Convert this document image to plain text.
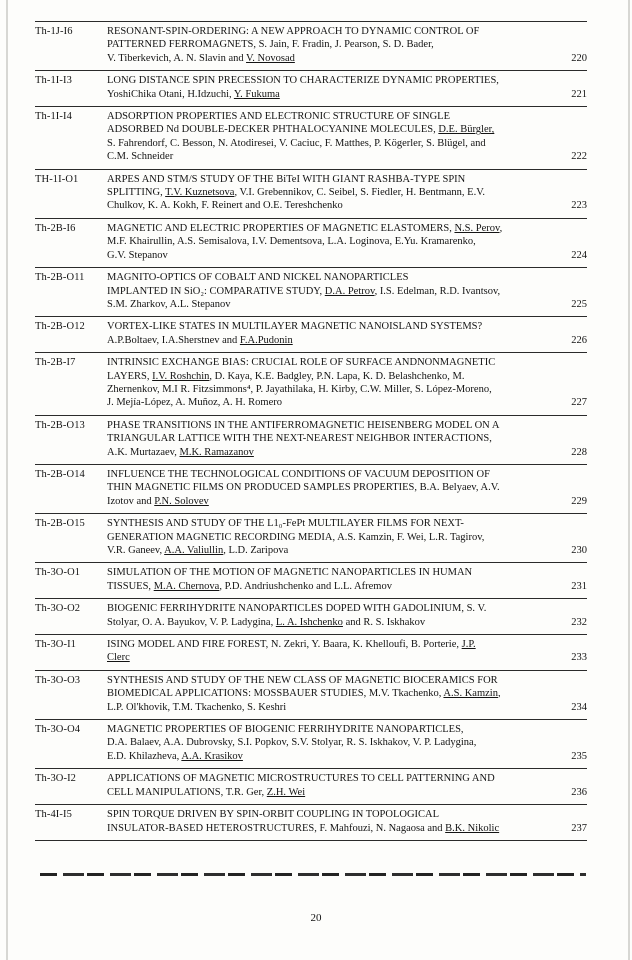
Th-1J-I6	RESONANT-SPIN-ORDERING: A NEW APPROACH TO DYNAMIC CONTROL OF
PATTERNED FERROMAGNETS, S. Jain, F. Fradin, J. Pearson, S. D. Bader,
V. Tiberkevich, A. N. Slavin and V. Novosad	220
Th-1I-I3	LONG DISTANCE SPIN PRECESSION TO CHARACTERIZE DYNAMIC PROPERTIES,
YoshiChika Otani, H.Idzuchi, Y. Fukuma	221
Th-1I-I4	ADSORPTION PROPERTIES AND ELECTRONIC STRUCTURE OF SINGLE
ADSORBED Nd DOUBLE-DECKER PHTHALOCYANINE MOLECULES, D.E. Bürgler,
S. Fahrendorf, C. Besson, N. Atodiresei, V. Caciuc, F. Matthes, P. Kögerler, S. Blügel, and
C.M. Schneider	222
TH-1I-O1	ARPES AND STM/S STUDY OF THE BiTeI WITH GIANT RASHBA-TYPE SPIN
SPLITTING, T.V. Kuznetsova, V.I. Grebennikov, C. Seibel, S. Fiedler, H. Bentmann, E.V.
Chulkov, K. A. Kokh, F. Reinert and O.E. Tereshchenko	223
Th-2B-I6	MAGNETIC AND ELECTRIC PROPERTIES OF MAGNETIC ELASTOMERS, N.S. Perov,
M.F. Khairullin, A.S. Semisalova, I.V. Dementsova, L.A. Loginova, E.Yu. Kramarenko,
G.V. Stepanov	224
Th-2B-O11	MAGNITO-OPTICS OF COBALT AND NICKEL NANOPARTICLES
IMPLANTED IN SiO₂: COMPARATIVE STUDY, D.A. Petrov, I.S. Edelman, R.D. Ivantsov,
S.M. Zharkov, A.L. Stepanov	225
Th-2B-O12	VORTEX-LIKE STATES IN MULTILAYER MAGNETIC NANOISLAND SYSTEMS?
A.P.Boltaev, I.A.Sherstnev and F.A.Pudonin	226
Th-2B-I7	INTRINSIC EXCHANGE BIAS: CRUCIAL ROLE OF SURFACE ANDNONMAGNETIC
LAYERS, I.V. Roshchin, D. Kaya, K.E. Badgley, P.N. Lapa, K. D. Belashchenko, M.
Zhernenkov, M.I R. Fitzsimmons⁴, P. Jayathilaka, H. Kirby, C.W. Miller, S. López-Moreno,
J. Mejía-López, A. Muñoz, A. H. Romero	227
Th-2B-O13	PHASE TRANSITIONS IN THE ANTIFERROMAGNETIC HEISENBERG MODEL ON A
TRIANGULAR LATTICE WITH THE NEXT-NEAREST NEIGHBOR INTERACTIONS,
A.K. Murtazaev, M.K. Ramazanov	228
Th-2B-O14	INFLUENCE THE TECHNOLOGICAL CONDITIONS OF VACUUM DEPOSITION OF
THIN MAGNETIC FILMS ON PRODUCED SAMPLES PROPERTIES, B.A. Belyaev, A.V.
Izotov and P.N. Solovev	229
Th-2B-O15	SYNTHESIS AND STUDY OF THE L1₀-FePt MULTILAYER FILMS FOR NEXT-
GENERATION MAGNETIC RECORDING MEDIA, A.S. Kamzin, F. Wei, L.R. Tagirov,
V.R. Ganeev, A.A. Valiullin, L.D. Zaripova	230
Th-3O-O1	SIMULATION OF THE MOTION OF MAGNETIC NANOPARTICLES IN HUMAN
TISSUES, M.A. Chernova, P.D. Andriushchenko and L.L. Afremov	231
Th-3O-O2	BIOGENIC FERRIHYDRITE NANOPARTICLES DOPED WITH GADOLINIUM, S. V.
Stolyar, O. A. Bayukov, V. P. Ladygina, L. A. Ishchenko and R. S. Iskhakov	232
Th-3O-I1	ISING MODEL AND FIRE FOREST, N. Zekri, Y. Baara, K. Khelloufi, B. Porterie, J.P.
Clerc	233
Th-3O-O3	SYNTHESIS AND STUDY OF THE NEW CLASS OF MAGNETIC BIOCERAMICS FOR
BIOMEDICAL APPLICATIONS: MOSSBAUER STUDIES, M.V. Tkachenko, A.S. Kamzin,
L.P. Ol'khovik, T.M. Tkachenko, S. Keshri	234
Th-3O-O4	MAGNETIC PROPERTIES OF BIOGENIC FERRIHYDRITE NANOPARTICLES,
D.A. Balaev, A.A. Dubrovsky, S.I. Popkov, S.V. Stolyar, R. S. Iskhakov, V. P. Ladygina,
E.D. Khilazheva, A.A. Krasikov	235
Th-3O-I2	APPLICATIONS OF MAGNETIC MICROSTRUCTURES TO CELL PATTERNING AND
CELL MANIPULATIONS, T.R. Ger, Z.H. Wei	236
Th-4I-I5	SPIN TORQUE DRIVEN BY SPIN-ORBIT COUPLING IN TOPOLOGICAL
INSULATOR-BASED HETEROSTRUCTURES, F. Mahfouzi, N. Nagaosa and B.K. Nikolic	237
20
